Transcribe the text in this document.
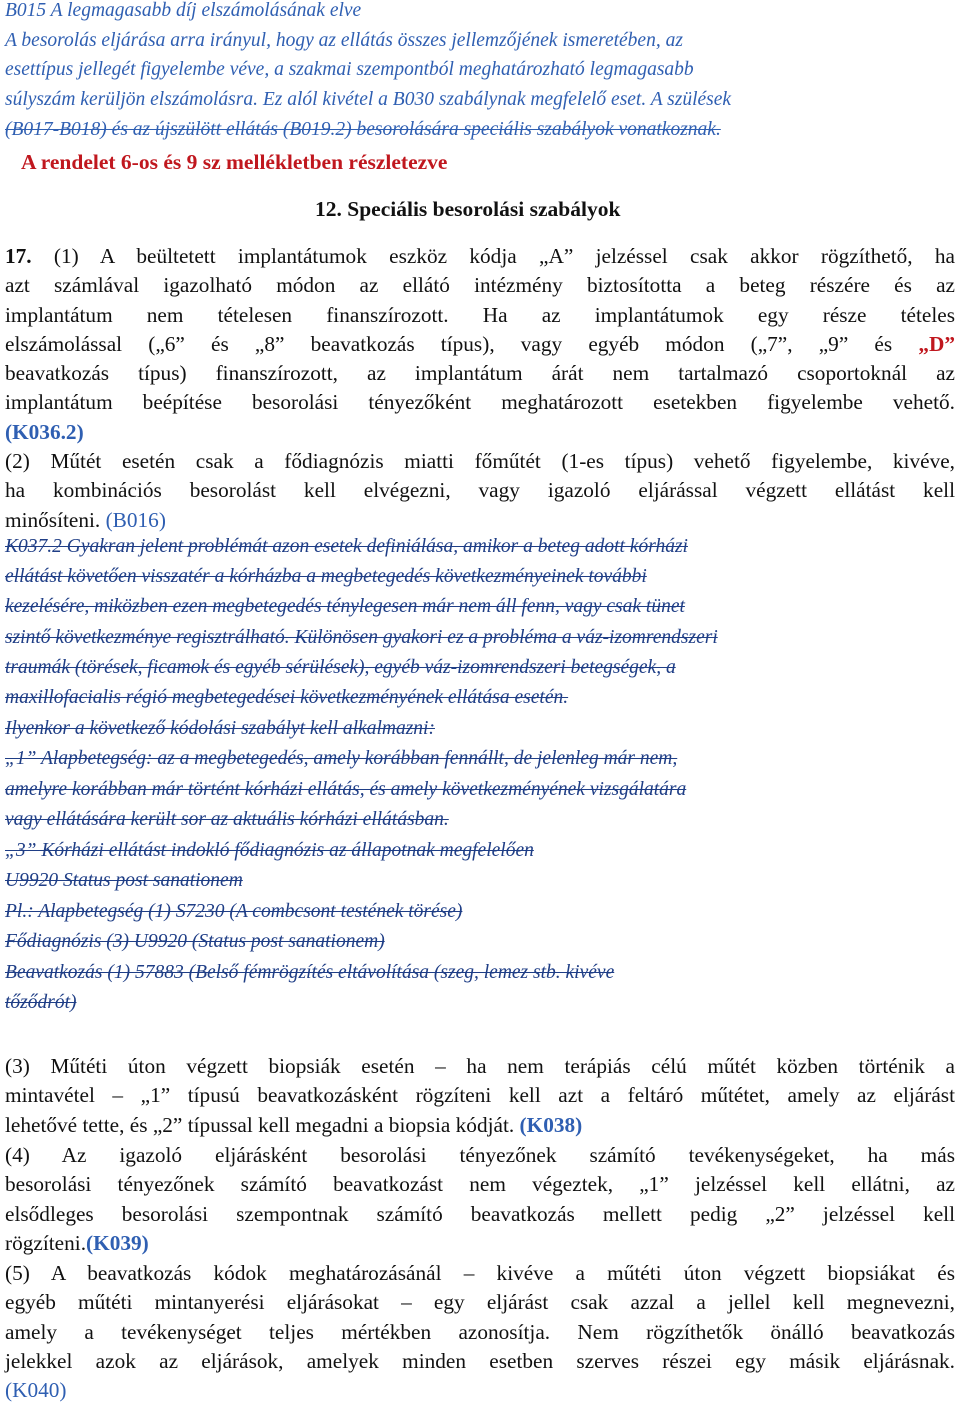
B015 A legmagasabb díj elszámolásának elve
A besorolás eljárása arra irányul, hogy az ellátás összes jellemzőjének ismeretében, az
esettípus jellegét figyelembe véve, a szakmai szempontból meghatározható legmagasabb
súlyszám kerüljön elszámolásra. Ez alól kivétel a B030 szabálynak megfelelő eset. A szülések
(B017-B018) és az újszülött ellátás (B019.2) besorolására speciális szabályok vonatkoznak.
A rendelet 6-os és 9 sz mellékletben részletezve
12. Speciális besorolási szabályok
17. (1) A beültetett implantátumok eszköz kódja „A” jelzéssel csak akkor rögzíthető, ha
azt számlával igazolható módon az ellátó intézmény biztosította a beteg részére és az
implantátum nem tételesen finanszírozott. Ha az implantátumok egy része tételes
elszámolással („6” és „8” beavatkozás típus), vagy egyéb módon („7”, „9” és „D”
beavatkozás típus) finanszírozott, az implantátum árát nem tartalmazó csoportoknál az
implantátum beépítése besorolási tényezőként meghatározott esetekben figyelembe vehető.
(K036.2)
(2) Műtét esetén csak a fődiagnózis miatti főműtét (1-es típus) vehető figyelembe, kivéve,
ha kombinációs besorolást kell elvégezni, vagy igazoló eljárással végzett ellátást kell
minősíteni. (B016)
K037.2 Gyakran jelent problémát azon esetek definiálása, amikor a beteg adott kórházi
ellátást követően visszatér a kórházba a megbetegedés következményeinek további
kezelésére, miközben ezen megbetegedés ténylegesen már nem áll fenn, vagy csak tünet
szintő következménye regisztrálható. Különösen gyakori ez a probléma a váz-izomrendszeri
traumák (törések, ficamok és egyéb sérülések), egyéb váz-izomrendszeri betegségek, a
maxillofacialis régió megbetegedései következményének ellátása esetén.
Ilyenkor a következő kódolási szabályt kell alkalmazni:
„1” Alapbetegség: az a megbetegedés, amely korábban fennállt, de jelenleg már nem,
amelyre korábban már történt kórházi ellátás, és amely következményének vizsgálatára
vagy ellátására került sor az aktuális kórházi ellátásban.
„3” Kórházi ellátást indokló fődiagnózis az állapotnak megfelelően
U9920 Status post sanationem
Pl.: Alapbetegség (1) S7230 (A combcsont testének törése)
Fődiagnózis (3) U9920 (Status post sanationem)
Beavatkozás (1) 57883 (Belső fémrögzítés eltávolítása (szeg, lemez stb. kivéve
tőződrót)
(3) Műtéti úton végzett biopsiák esetén – ha nem terápiás célú műtét közben történik a
mintavétel – „1” típusú beavatkozásként rögzíteni kell azt a feltáró műtétet, amely az eljárást
lehetővé tette, és „2” típussal kell megadni a biopsia kódját. (K038)
(4) Az igazoló eljárásként besorolási tényezőnek számító tevékenységeket, ha más
besorolási tényezőnek számító beavatkozást nem végeztek, „1” jelzéssel kell ellátni, az
elsődleges besorolási szempontnak számító beavatkozás mellett pedig „2” jelzéssel kell
rögzíteni.(K039)
(5) A beavatkozás kódok meghatározásánál – kivéve a műtéti úton végzett biopsiákat és
egyéb műtéti mintanyerési eljárásokat – egy eljárást csak azzal a jellel kell megnevezni,
amely a tevékenységet teljes mértékben azonosítja. Nem rögzíthetők önálló beavatkozás
jelekkel azok az eljárások, amelyek minden esetben szerves részei egy másik eljárásnak.
(K040)
